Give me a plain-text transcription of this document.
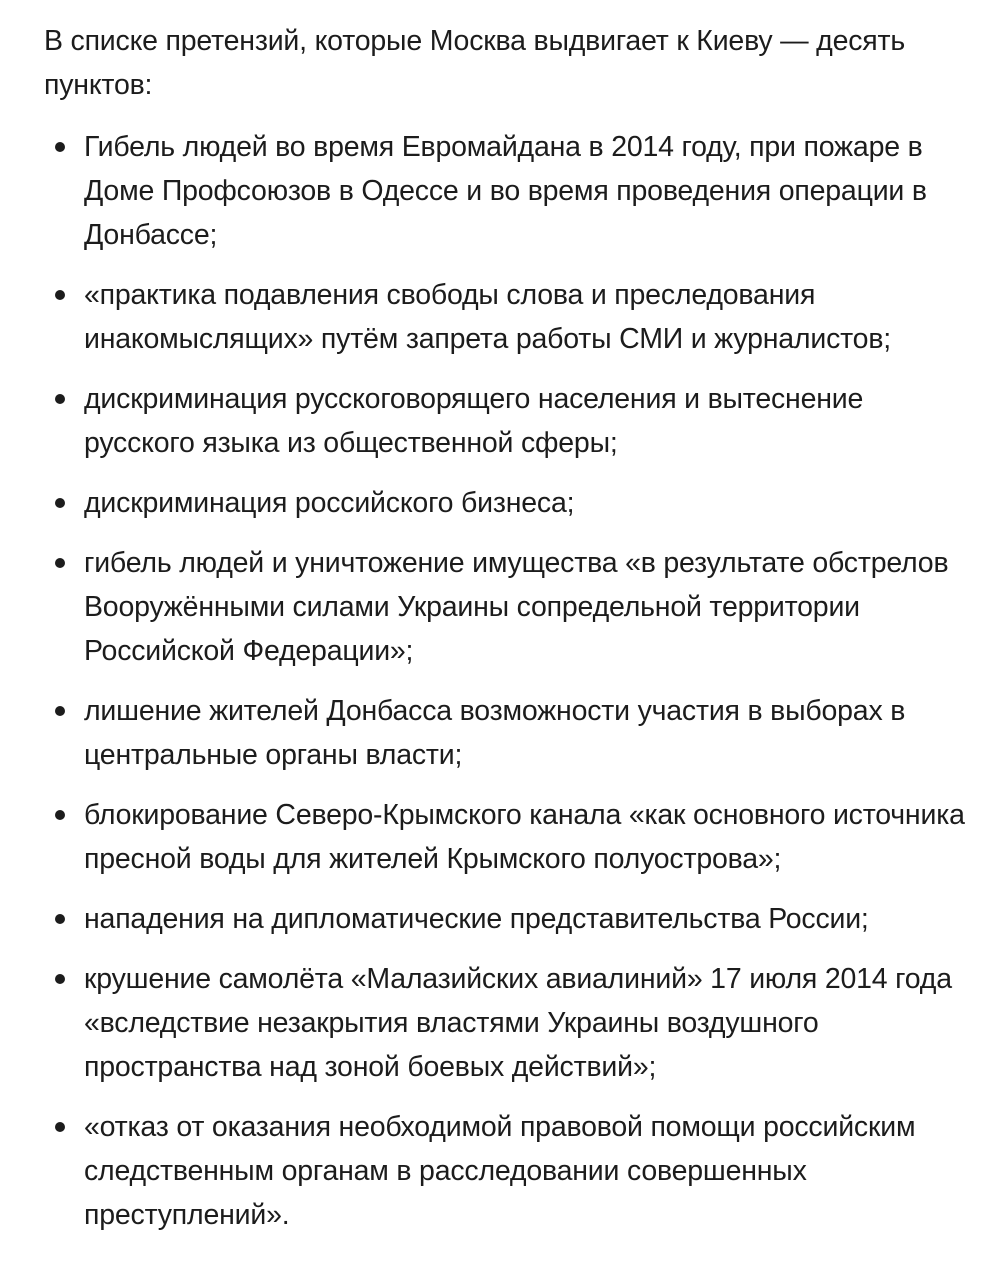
В списке претензий, которые Москва выдвигает к Киеву — десять пунктов:

Гибель людей во время Евромайдана в 2014 году, при пожаре в Доме Профсоюзов в Одессе и во время проведения операции в Донбассе;
«практика подавления свободы слова и преследования инакомыслящих» путём запрета работы СМИ и журналистов;
дискриминация русскоговорящего населения и вытеснение русского языка из общественной сферы;
дискриминация российского бизнеса;
гибель людей и уничтожение имущества «в результате обстрелов Вооружёнными силами Украины сопредельной территории Российской Федерации»;
лишение жителей Донбасса возможности участия в выборах в центральные органы власти;
блокирование Северо-Крымского канала «как основного источника пресной воды для жителей Крымского полуострова»;
нападения на дипломатические представительства России;
крушение самолёта «Малазийских авиалиний» 17 июля 2014 года «вследствие незакрытия властями Украины воздушного пространства над зоной боевых действий»;
«отказ от оказания необходимой правовой помощи российским следственным органам в расследовании совершенных преступлений».
